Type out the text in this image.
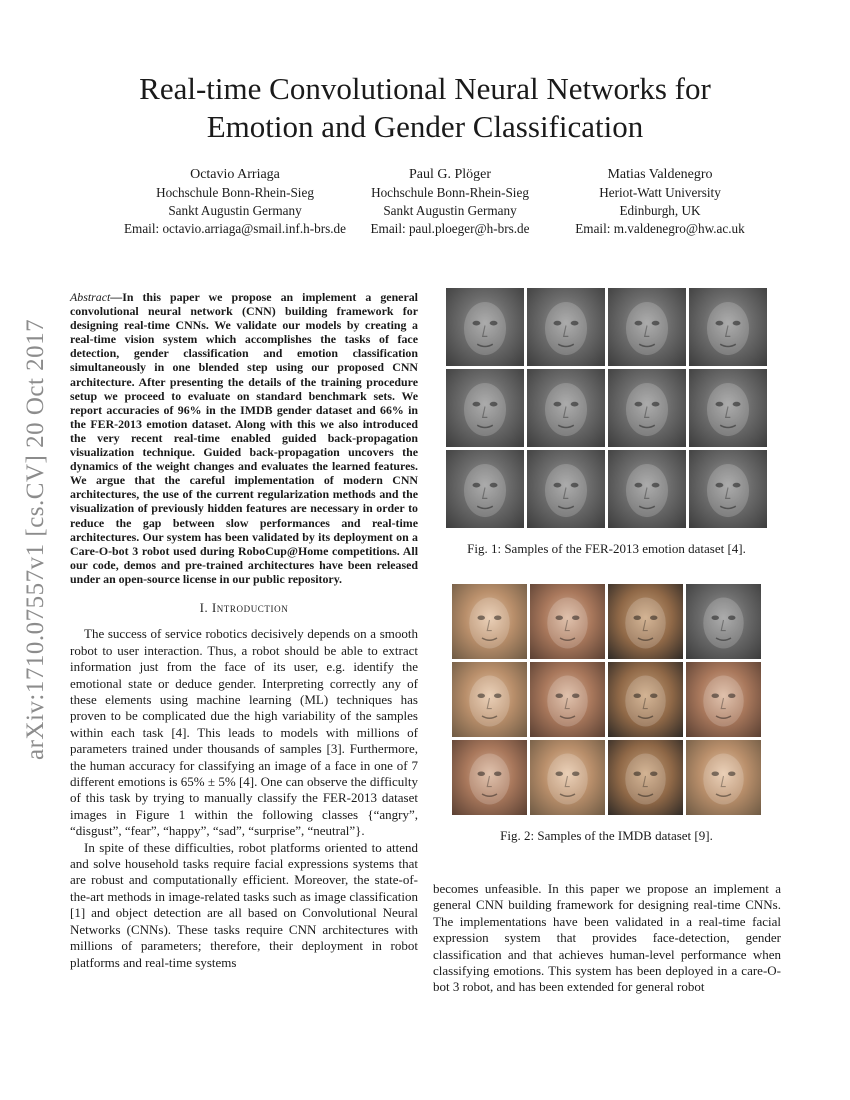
Real-time Convolutional Neural Networks for
Emotion and Gender Classification
Octavio Arriaga
Hochschule Bonn-Rhein-Sieg
Sankt Augustin Germany
Email: octavio.arriaga@smail.inf.h-brs.de
Paul G. Plöger
Hochschule Bonn-Rhein-Sieg
Sankt Augustin Germany
Email: paul.ploeger@h-brs.de
Matias Valdenegro
Heriot-Watt University
Edinburgh, UK
Email: m.valdenegro@hw.ac.uk
arXiv:1710.07557v1 [cs.CV] 20 Oct 2017
Abstract—In this paper we propose an implement a general convolutional neural network (CNN) building framework for designing real-time CNNs. We validate our models by creating a real-time vision system which accomplishes the tasks of face detection, gender classification and emotion classification simultaneously in one blended step using our proposed CNN architecture. After presenting the details of the training procedure setup we proceed to evaluate on standard benchmark sets. We report accuracies of 96% in the IMDB gender dataset and 66% in the FER-2013 emotion dataset. Along with this we also introduced the very recent real-time enabled guided back-propagation visualization technique. Guided back-propagation uncovers the dynamics of the weight changes and evaluates the learned features. We argue that the careful implementation of modern CNN architectures, the use of the current regularization methods and the visualization of previously hidden features are necessary in order to reduce the gap between slow performances and real-time architectures. Our system has been validated by its deployment on a Care-O-bot 3 robot used during RoboCup@Home competitions. All our code, demos and pre-trained architectures have been released under an open-source license in our public repository.
I. Introduction

The success of service robotics decisively depends on a smooth robot to user interaction. Thus, a robot should be able to extract information just from the face of its user, e.g. identify the emotional state or deduce gender. Interpreting correctly any of these elements using machine learning (ML) techniques has proven to be complicated due the high variability of the samples within each task [4]. This leads to models with millions of parameters trained under thousands of samples [3]. Furthermore, the human accuracy for classifying an image of a face in one of 7 different emotions is 65% ± 5% [4]. One can observe the difficulty of this task by trying to manually classify the FER-2013 dataset images in Figure 1 within the following classes {“angry”, “disgust”, “fear”, “happy”, “sad”, “surprise”, “neutral”}.

In spite of these difficulties, robot platforms oriented to attend and solve household tasks require facial expressions systems that are robust and computationally efficient. Moreover, the state-of-the-art methods in image-related tasks such as image classification [1] and object detection are all based on Convolutional Neural Networks (CNNs). These tasks require CNN architectures with millions of parameters; therefore, their deployment in robot platforms and real-time systems

Fig. 1: Samples of the FER-2013 emotion dataset [4].
Fig. 2: Samples of the IMDB dataset [9].
becomes unfeasible. In this paper we propose an implement a general CNN building framework for designing real-time CNNs. The implementations have been validated in a real-time facial expression system that provides face-detection, gender classification and that achieves human-level performance when classifying emotions. This system has been deployed in a care-O-bot 3 robot, and has been extended for general robot
